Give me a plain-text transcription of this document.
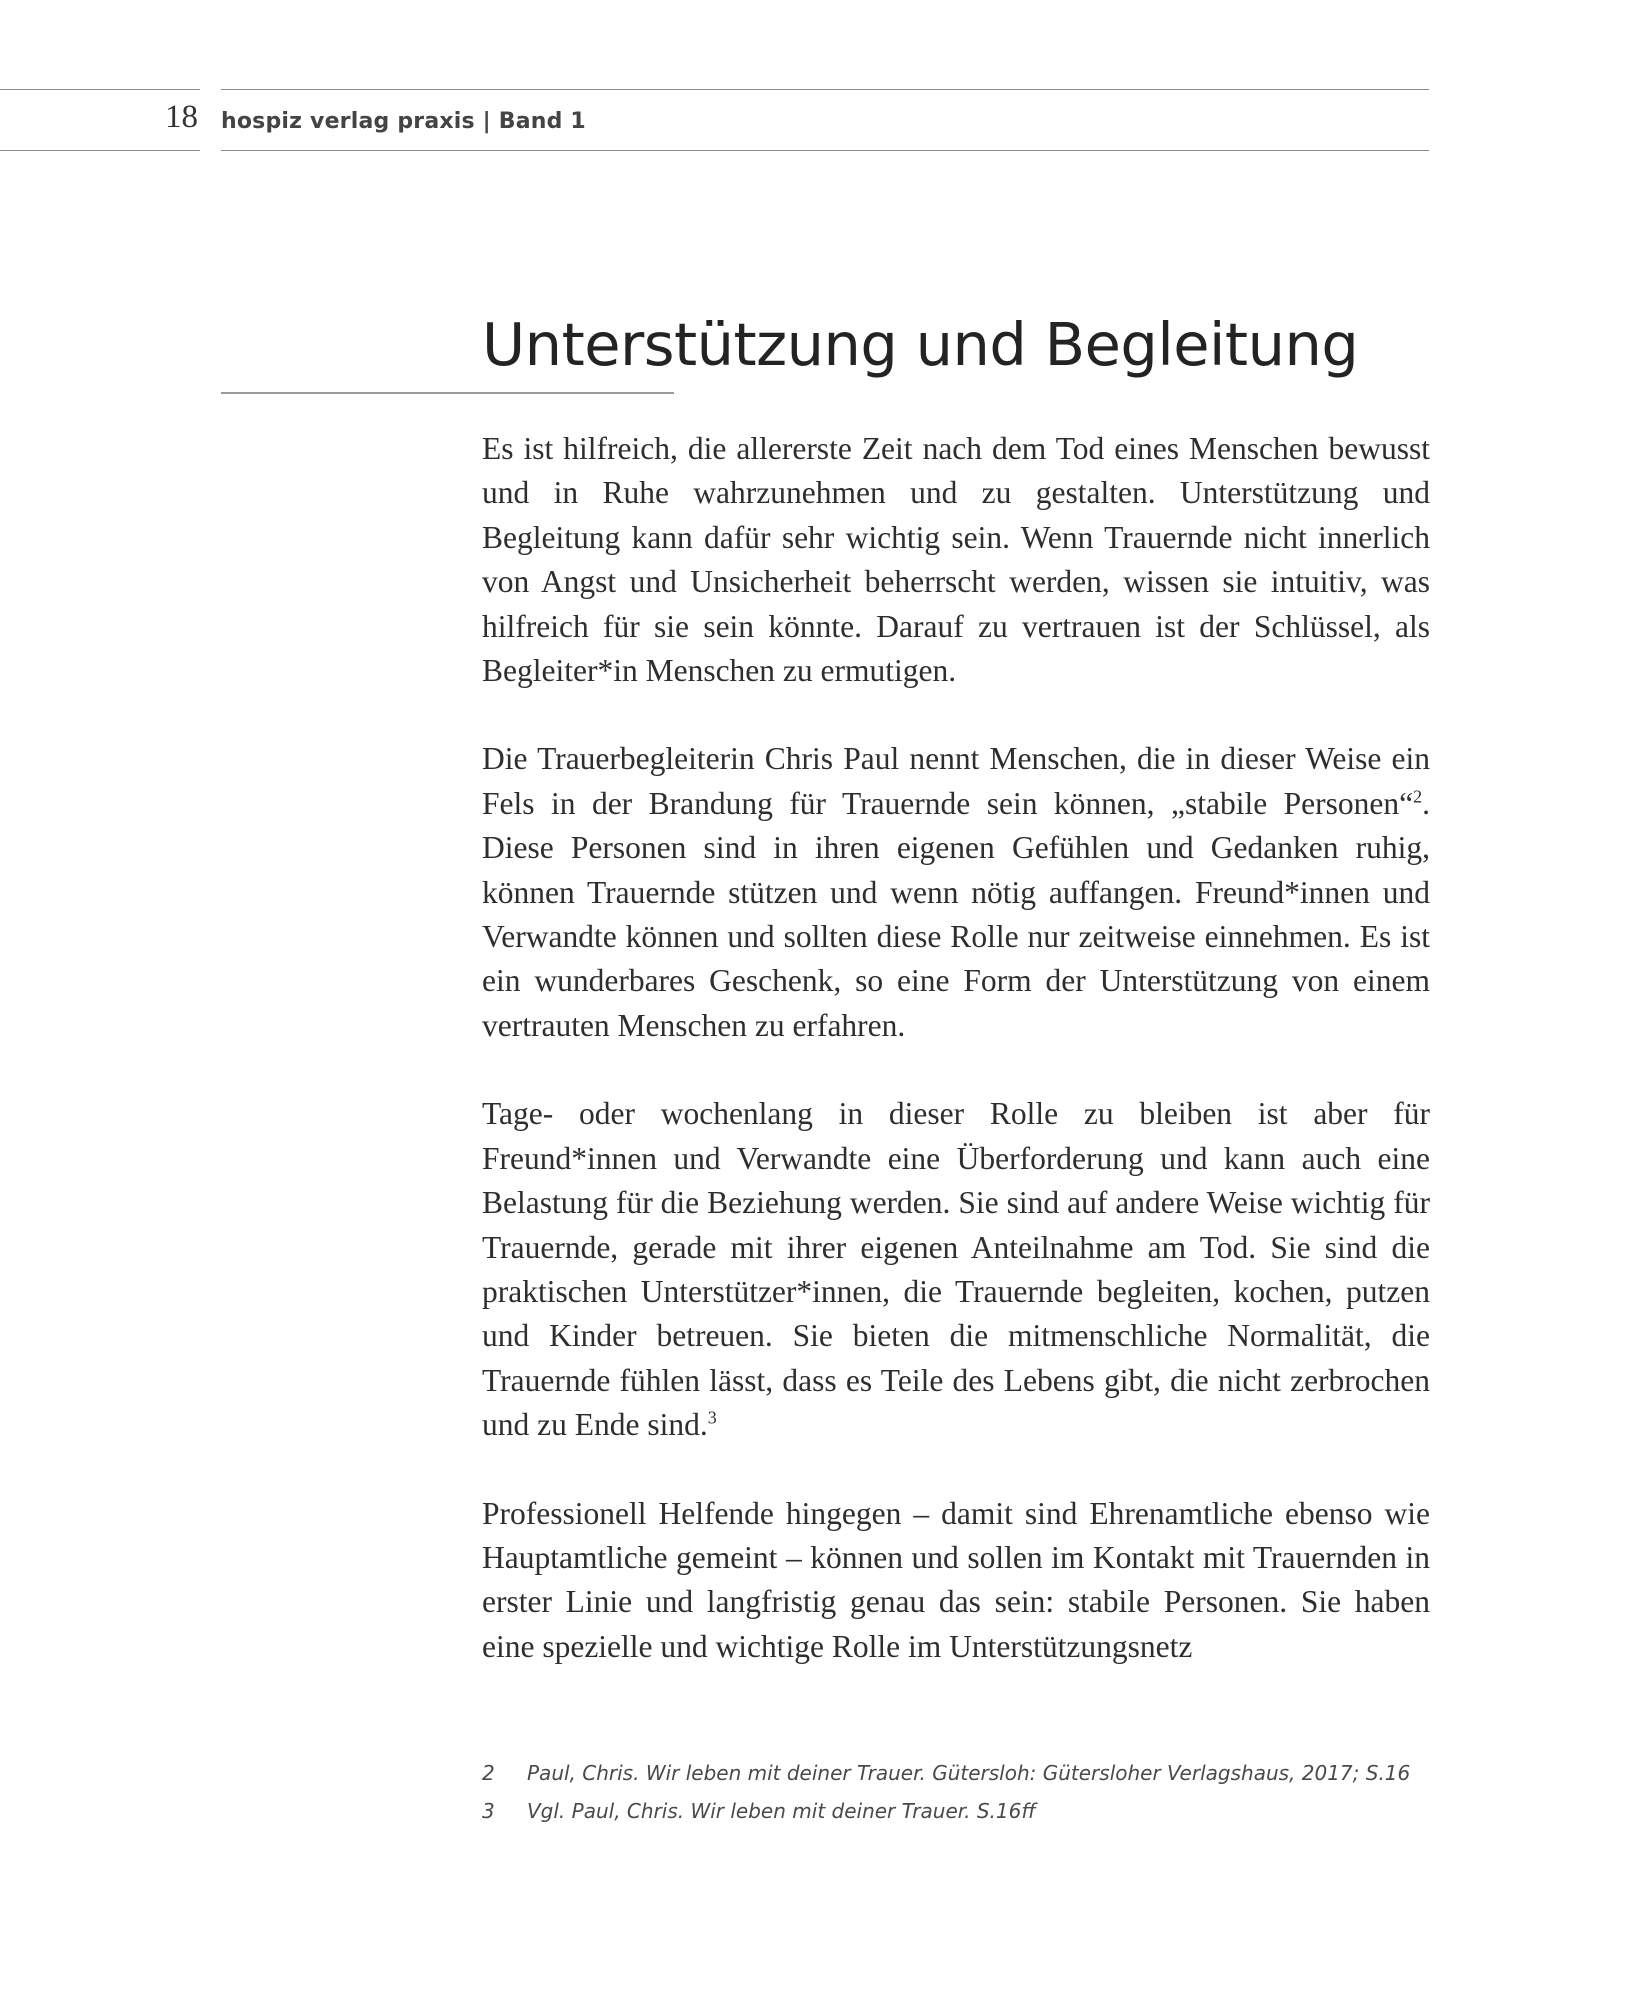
18 hospiz verlag praxis | Band 1
Unterstützung und Begleitung

Es ist hilfreich, die allererste Zeit nach dem Tod eines Menschen bewusst und in Ruhe wahrzunehmen und zu gestalten. Unterstützung und Begleitung kann dafür sehr wichtig sein. Wenn Trauernde nicht innerlich von Angst und Unsicherheit beherrscht werden, wissen sie intuitiv, was hilfreich für sie sein könnte. Darauf zu vertrauen ist der Schlüssel, als Begleiter*in Menschen zu ermutigen.

Die Trauerbegleiterin Chris Paul nennt Menschen, die in dieser Weise ein Fels in der Brandung für Trauernde sein können, „stabile Personen“$^2$. Diese Personen sind in ihren eigenen Gefühlen und Gedanken ruhig, können Trauernde stützen und wenn nötig auffangen. Freund*innen und Verwandte können und sollten diese Rolle nur zeitweise einnehmen. Es ist ein wunderbares Geschenk, so eine Form der Unterstützung von einem vertrauten Menschen zu erfahren.

Tage- oder wochenlang in dieser Rolle zu bleiben ist aber für Freund*innen und Verwandte eine Überforderung und kann auch eine Belastung für die Beziehung werden. Sie sind auf andere Weise wichtig für Trauernde, gerade mit ihrer eigenen Anteilnahme am Tod. Sie sind die praktischen Unterstützer*innen, die Trauernde begleiten, kochen, putzen und Kinder betreuen. Sie bieten die mitmenschliche Normalität, die Trauernde fühlen lässt, dass es Teile des Lebens gibt, die nicht zerbrochen und zu Ende sind.$^3$

Professionell Helfende hingegen – damit sind Ehrenamtliche ebenso wie Hauptamtliche gemeint – können und sollen im Kontakt mit Trauernden in erster Linie und langfristig genau das sein: stabile Personen. Sie haben eine spezielle und wichtige Rolle im Unterstützungsnetz

2 Paul, Chris. Wir leben mit deiner Trauer. Gütersloh: Gütersloher Verlagshaus, 2017; S.16
3 Vgl. Paul, Chris. Wir leben mit deiner Trauer. S.16ff
